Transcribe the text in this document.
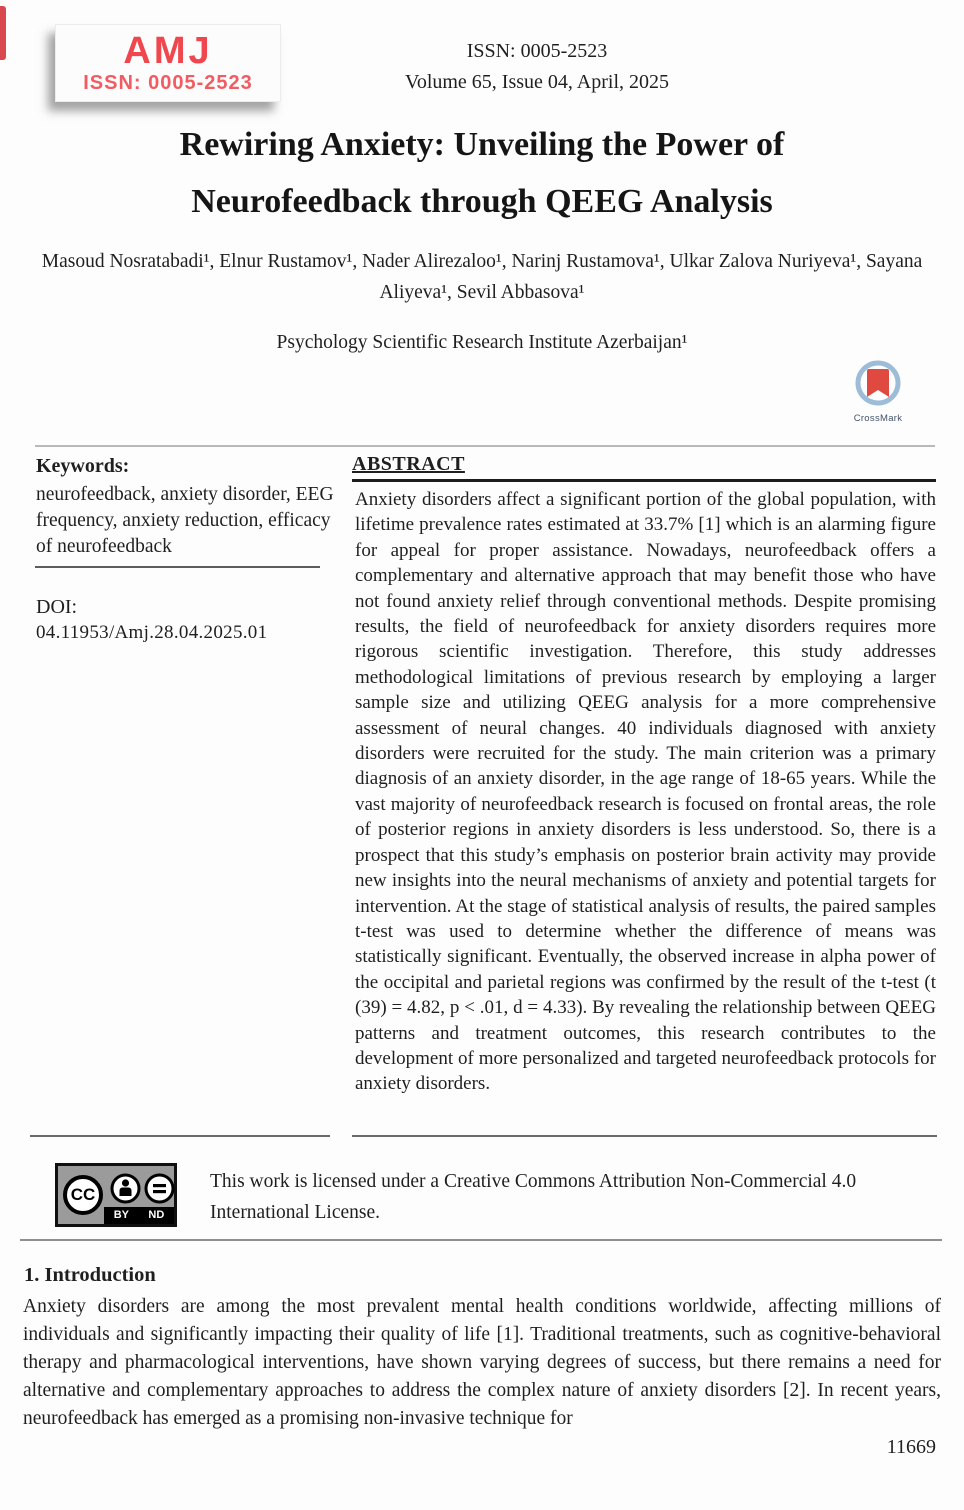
AMJ
ISSN: 0005-2523
ISSN: 0005-2523
Volume 65, Issue 04, April, 2025
Rewiring Anxiety: Unveiling the Power of
Neurofeedback through QEEG Analysis
Masoud Nosratabadi¹, Elnur Rustamov¹, Nader Alirezaloo¹, Narinj Rustamova¹, Ulkar Zalova Nuriyeva¹, Sayana Aliyeva¹, Sevil Abbasova¹
Psychology Scientific Research Institute Azerbaijan¹
CrossMark
Keywords:
neurofeedback, anxiety disorder, EEG frequency, anxiety reduction, efficacy of neurofeedback
DOI:
04.11953/Amj.28.04.2025.01
ABSTRACT
Anxiety disorders affect a significant portion of the global population, with lifetime prevalence rates estimated at 33.7% [1] which is an alarming figure for appeal for proper assistance. Nowadays, neurofeedback offers a complementary and alternative approach that may benefit those who have not found anxiety relief through conventional methods. Despite promising results, the field of neurofeedback for anxiety disorders requires more rigorous scientific investigation. Therefore, this study addresses methodological limitations of previous research by employing a larger sample size and utilizing QEEG analysis for a more comprehensive assessment of neural changes. 40 individuals diagnosed with anxiety disorders were recruited for the study. The main criterion was a primary diagnosis of an anxiety disorder, in the age range of 18-65 years. While the vast majority of neurofeedback research is focused on frontal areas, the role of posterior regions in anxiety disorders is less understood. So, there is a prospect that this study’s emphasis on posterior brain activity may provide new insights into the neural mechanisms of anxiety and potential targets for intervention. At the stage of statistical analysis of results, the paired samples t-test was used to determine whether the difference of means was statistically significant. Eventually, the observed increase in alpha power of the occipital and parietal regions was confirmed by the result of the t-test (t (39) = 4.82, p < .01, d = 4.33). By revealing the relationship between QEEG patterns and treatment outcomes, this research contributes to the development of more personalized and targeted neurofeedback protocols for anxiety disorders.
CC
BY ND
This work is licensed under a Creative Commons Attribution Non-Commercial 4.0 International License.
1. Introduction
Anxiety disorders are among the most prevalent mental health conditions worldwide, affecting millions of individuals and significantly impacting their quality of life [1]. Traditional treatments, such as cognitive-behavioral therapy and pharmacological interventions, have shown varying degrees of success, but there remains a need for alternative and complementary approaches to address the complex nature of anxiety disorders [2]. In recent years, neurofeedback has emerged as a promising non-invasive technique for
11669
